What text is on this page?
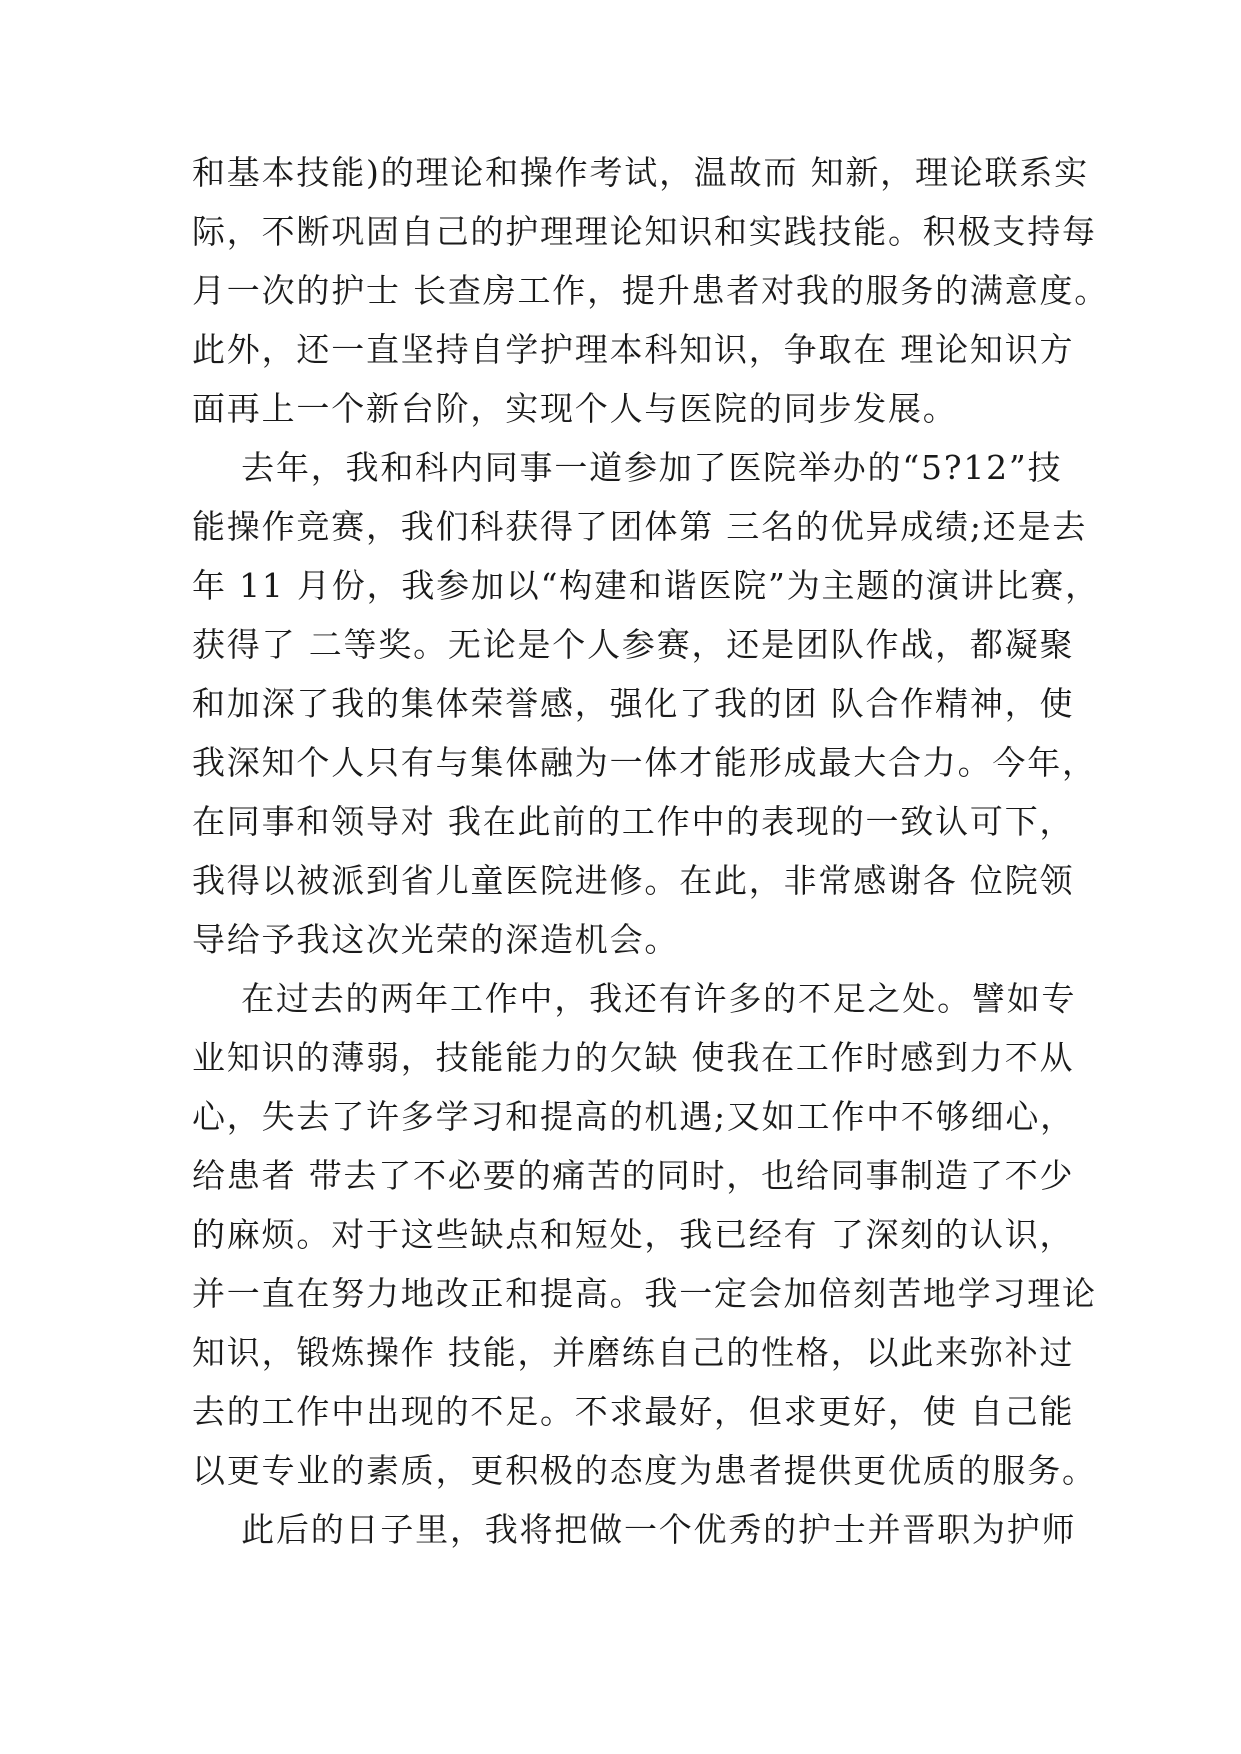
和基本技能)的理论和操作考试，温故而 知新，理论联系实
际，不断巩固自己的护理理论知识和实践技能。积极支持每
月一次的护士 长查房工作，提升患者对我的服务的满意度。
此外，还一直坚持自学护理本科知识，争取在 理论知识方
面再上一个新台阶，实现个人与医院的同步发展。
去年，我和科内同事一道参加了医院举办的“5?12”技
能操作竞赛，我们科获得了团体第 三名的优异成绩;还是去
年 11 月份，我参加以“构建和谐医院”为主题的演讲比赛，
获得了 二等奖。无论是个人参赛，还是团队作战，都凝聚
和加深了我的集体荣誉感，强化了我的团 队合作精神，使
我深知个人只有与集体融为一体才能形成最大合力。今年，
在同事和领导对 我在此前的工作中的表现的一致认可下，
我得以被派到省儿童医院进修。在此，非常感谢各 位院领
导给予我这次光荣的深造机会。
在过去的两年工作中，我还有许多的不足之处。譬如专
业知识的薄弱，技能能力的欠缺 使我在工作时感到力不从
心，失去了许多学习和提高的机遇;又如工作中不够细心，
给患者 带去了不必要的痛苦的同时，也给同事制造了不少
的麻烦。对于这些缺点和短处，我已经有 了深刻的认识，
并一直在努力地改正和提高。我一定会加倍刻苦地学习理论
知识，锻炼操作 技能，并磨练自己的性格，以此来弥补过
去的工作中出现的不足。不求最好，但求更好，使 自己能
以更专业的素质，更积极的态度为患者提供更优质的服务。
此后的日子里，我将把做一个优秀的护士并晋职为护师
